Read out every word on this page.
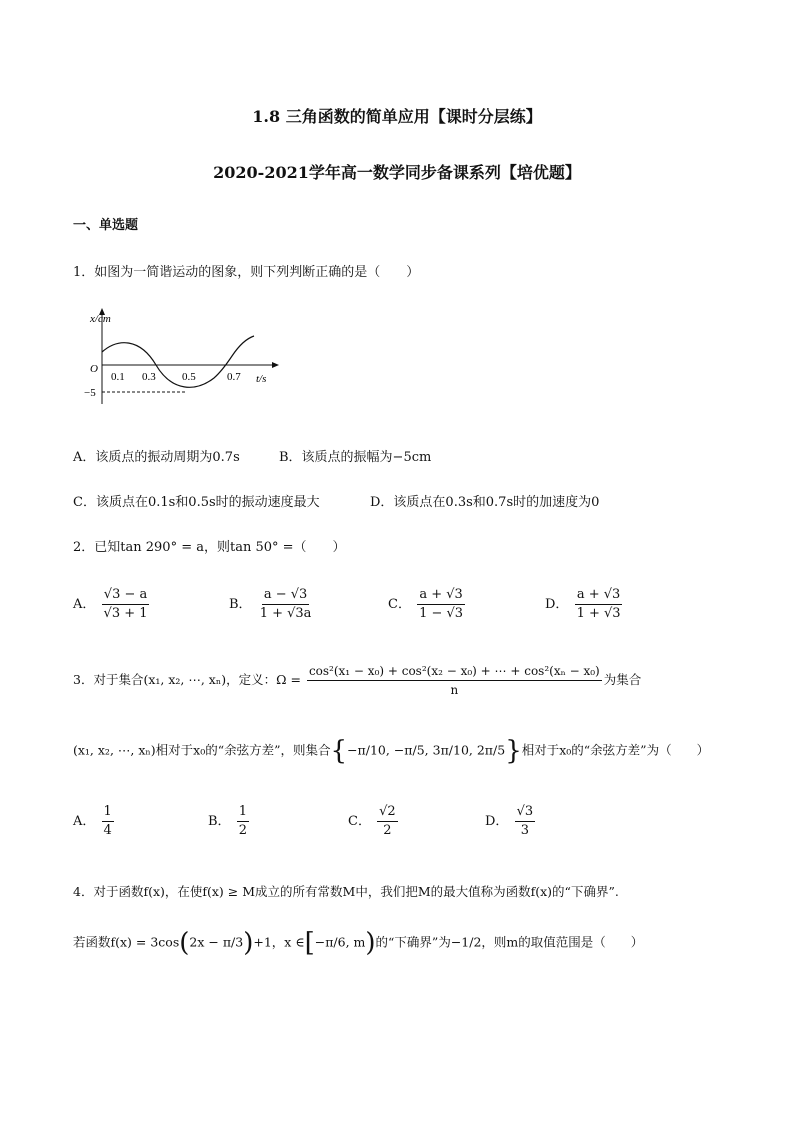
1.8 三角函数的简单应用【课时分层练】
2020-2021学年高一数学同步备课系列【培优题】
一、单选题
1．如图为一简谐运动的图象，则下列判断正确的是（　　）
x/cm
t/s
O
0.1 0.3 0.5	0.7
−5
A．该质点的振动周期为0.7s	B．该质点的振幅为−5cm
C．该质点在0.1s和0.5s时的振动速度最大	D．该质点在0.3s和0.7s时的加速度为0
2．已知tan 290° = a，则tan 50° =（　　）
A． $\frac{√3 - a}{√3 + 1}$	B． $\frac{a - √3}{1 + √3a}$	C． $\frac{a + √3}{1 - √3}$	D． $\frac{a + √3}{1 + √3}$
3．对于集合(x₁, x₂, ⋯, xₙ)，定义：$\Omega = \frac{\text{cos²(x₁ − x₀) + cos²(x₂ − x₀) + ⋯ + cos²(xₙ − x₀)}}{n}$ 为集合
(x₁, x₂, ⋯, xₙ)相对于x₀的“余弦方差”，则集合{−π/10, −π/5, 3π/10, 2π/5}相对于x₀的“余弦方差”为（　　）
A． $\frac{1}{4}$	B． $\frac{1}{2}$	C． $\frac{√2}{2}$	D． $\frac{√3}{3}$
4．对于函数f(x)，在使f(x) ≥ M成立的所有常数M中，我们把M的最大值称为函数f(x)的“下确界”.
若函数f(x) = 3cos(2x − π/3)+1，x ∈[−π/6, m)的“下确界”为−1/2，则m的取值范围是（　　）
